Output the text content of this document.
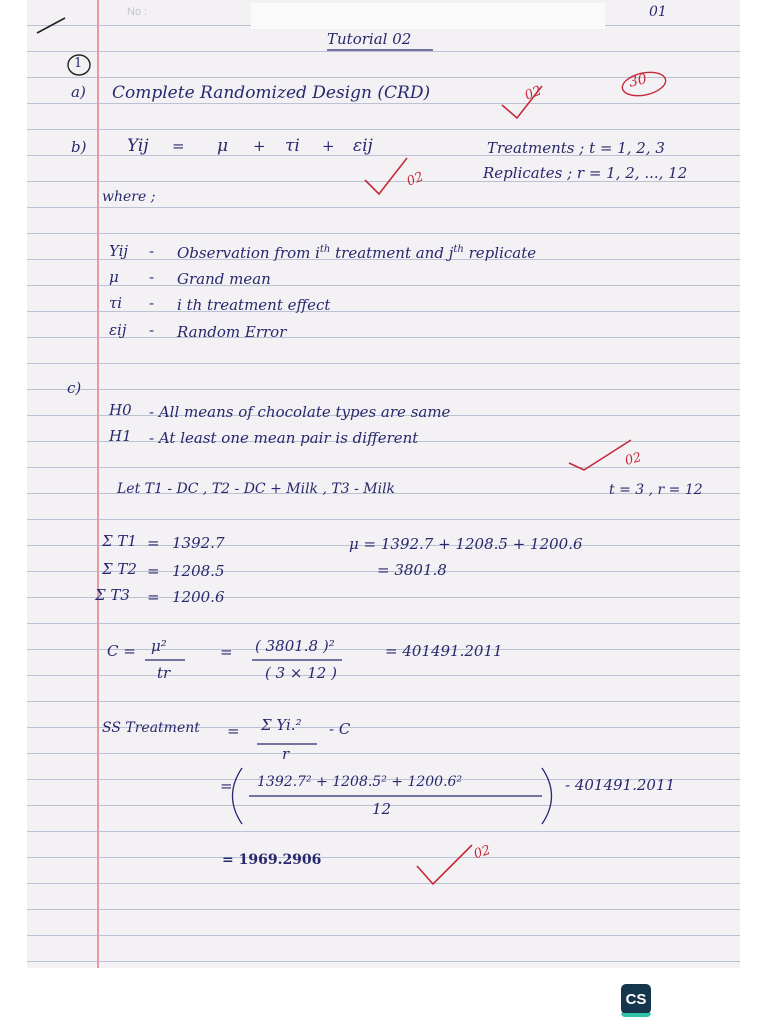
No :	01
Tutorial 02
1
a) Complete Randomized Design (CRD)	02
30
b) Yij = μ + τi + εij	Treatments ; t = 1, 2, 3
Replicates ; r = 1, 2, ..., 12
02
where ;
Yij - Observation from $i^{th}$ treatment and $j^{th}$ replicate
μ - Grand mean
τi - i th treatment effect
εij - Random Error
c)
H0 - All means of chocolate types are same
H1 - At least one mean pair is different
02
Let T1 - DC , T2 - DC + Milk , T3 - Milk	t = 3 , r = 12
Σ T1 = 1392.7
Σ T2 = 1208.5
Σ T3 = 1200.6
μ = 1392.7 + 1208.5 + 1200.6
= 3801.8
C = μ²
tr
= ( 3801.8 )²
( 3 × 12 )
= 401491.2011
SS Treatment = Σ Yi.² - C
r
= 1392.7² + 1208.5² + 1200.6²
12
- 401491.2011
= 1969.2906	02
CS
